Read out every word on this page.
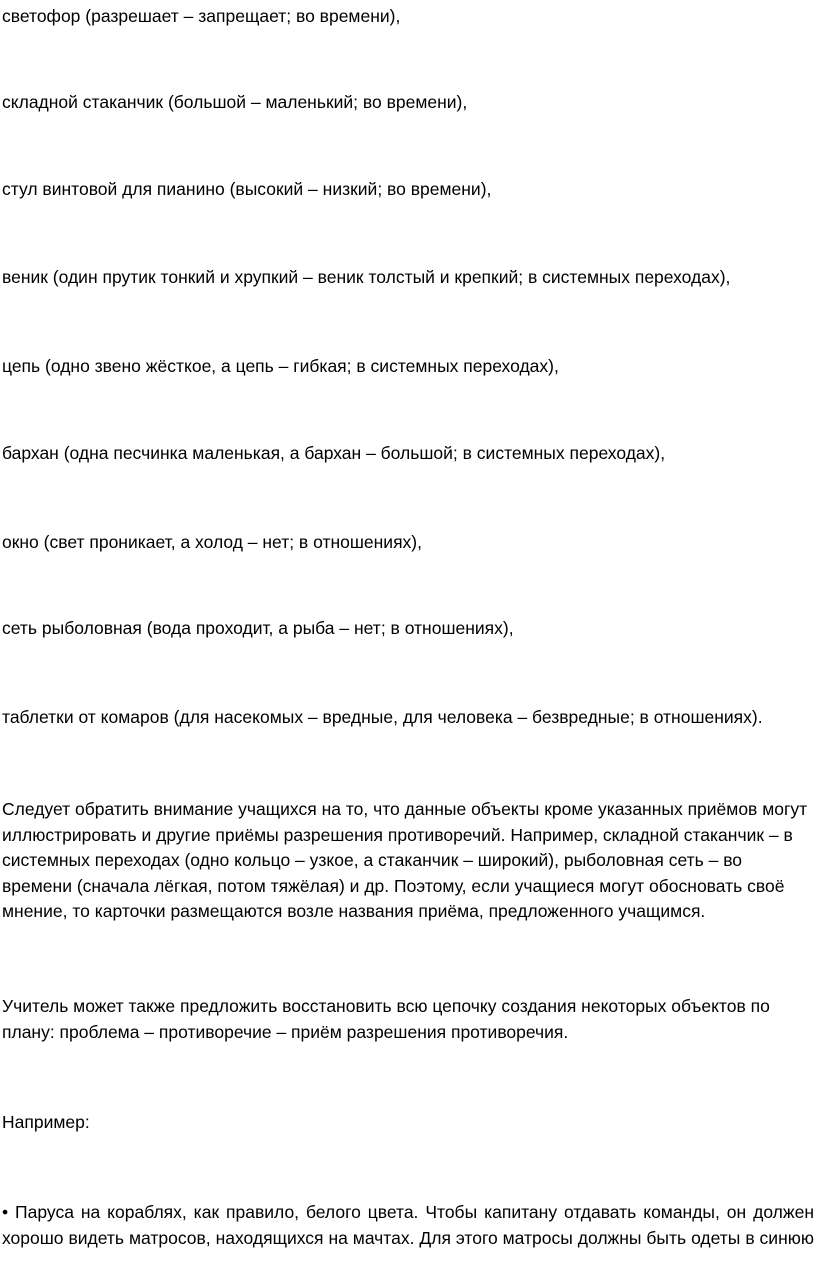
светофор (разрешает – запрещает; во времени),

складной стаканчик (большой – маленький; во времени),

стул винтовой для пианино (высокий – низкий; во времени),

веник (один прутик тонкий и хрупкий – веник толстый и крепкий; в системных переходах),

цепь (одно звено жёсткое, а цепь – гибкая; в системных переходах),

бархан (одна песчинка маленькая, а бархан – большой; в системных переходах),

окно (свет проникает, а холод – нет; в отношениях),

сеть рыболовная (вода проходит, а рыба – нет; в отношениях),

таблетки от комаров (для насекомых – вредные, для человека – безвредные; в отношениях).

Следует обратить внимание учащихся на то, что данные объекты кроме указанных приёмов могут иллюстрировать и другие приёмы разрешения противоречий. Например, складной стаканчик – в системных переходах (одно кольцо – узкое, а стаканчик – широкий), рыболовная сеть – во времени (сначала лёгкая, потом тяжёлая) и др. Поэтому, если учащиеся могут обосновать своё мнение, то карточки размещаются возле названия приёма, предложенного учащимся.

Учитель может также предложить восстановить всю цепочку создания некоторых объектов по плану: проблема – противоречие – приём разрешения противоречия.

Например:

• Паруса на кораблях, как правило, белого цвета. Чтобы капитану отдавать команды, он должен хорошо видеть матросов, находящихся на мачтах. Для этого матросы должны быть одеты в синюю
